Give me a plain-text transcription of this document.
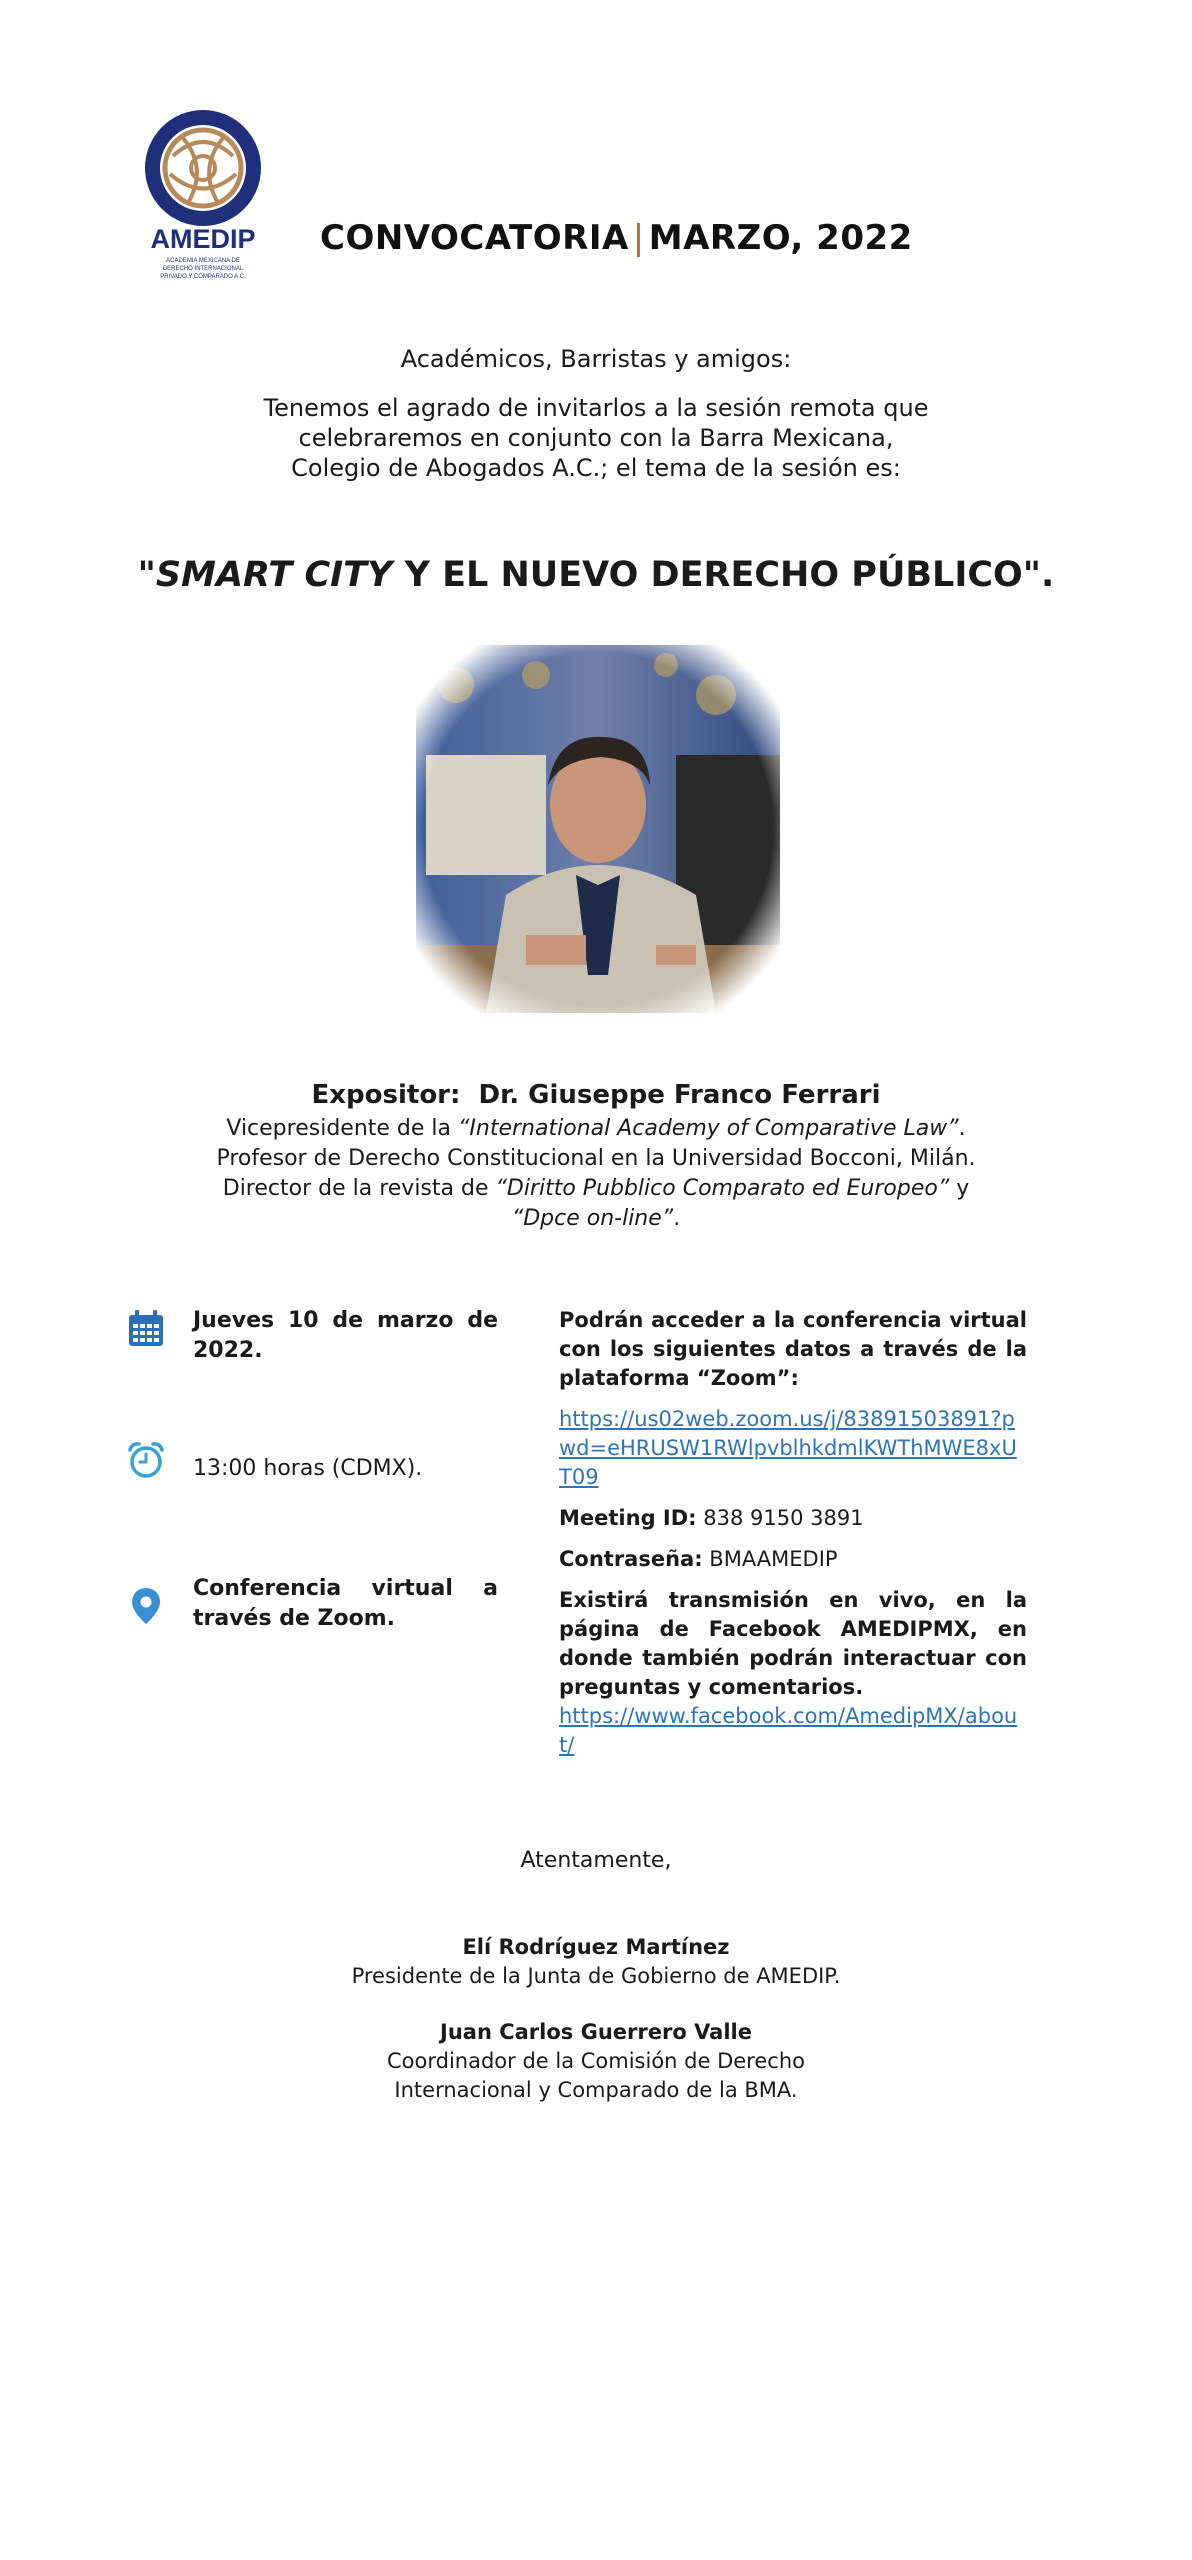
AMEDIP
ACADEMIA MEXICANA DE
DERECHO INTERNACIONAL
PRIVADO Y COMPARADO A.C.
CONVOCATORIA | MARZO, 2022
Académicos, Barristas y amigos:
Tenemos el agrado de invitarlos a la sesión remota que
celebraremos en conjunto con la Barra Mexicana,
Colegio de Abogados A.C.; el tema de la sesión es:
"SMART CITY Y EL NUEVO DERECHO PÚBLICO".
Expositor: Dr. Giuseppe Franco Ferrari
Vicepresidente de la “International Academy of Comparative Law”.
Profesor de Derecho Constitucional en la Universidad Bocconi, Milán.
Director de la revista de “Diritto Pubblico Comparato ed Europeo” y
“Dpce on-line”.
Jueves 10 de marzo de 2022.
13:00 horas (CDMX).
Conferencia virtual a través de Zoom.

Podrán acceder a la conferencia virtual con los siguientes datos a través de la plataforma “Zoom”:

https://us02web.zoom.us/j/83891503891?pwd=eHRUSW1RWlpvblhkdmlKWThMWE8xUT09

Meeting ID: 838 9150 3891

Contraseña: BMAAMEDIP

Existirá transmisión en vivo, en la página de Facebook AMEDIPMX, en donde también podrán interactuar con preguntas y comentarios.

https://www.facebook.com/AmedipMX/about/
Atentamente,
Elí Rodríguez Martínez
Presidente de la Junta de Gobierno de AMEDIP.
Juan Carlos Guerrero Valle
Coordinador de la Comisión de Derecho
Internacional y Comparado de la BMA.
